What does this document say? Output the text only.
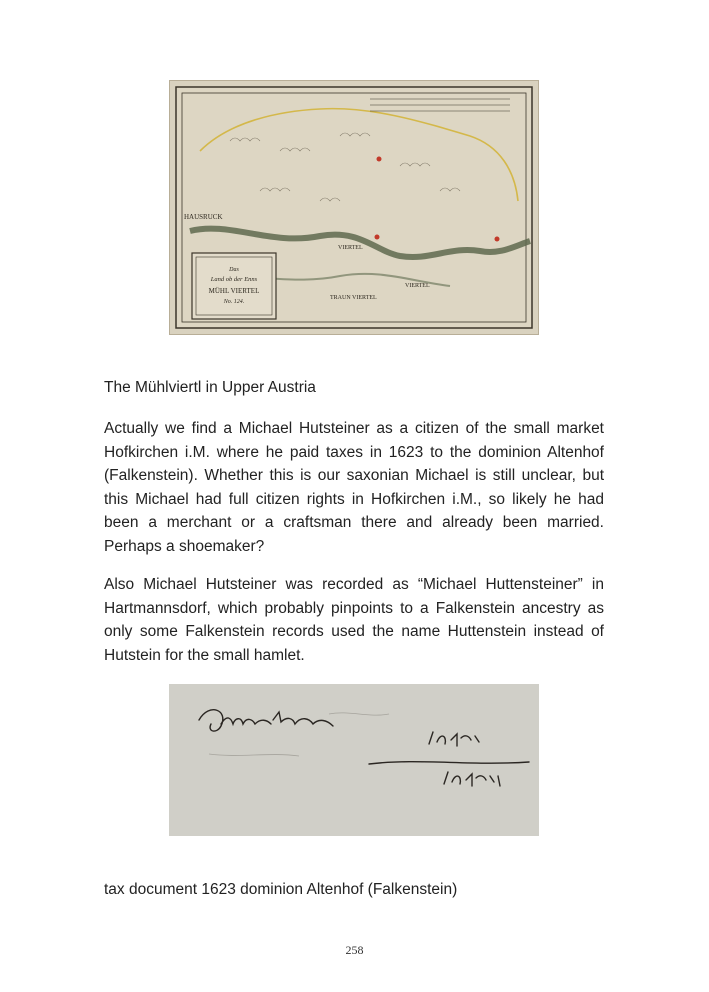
HAUSRUCK
VIERTEL
TRAUN VIERTEL
VIERTEL
Das
Land ob der Enns
MÜHL VIERTEL
No. 124.

The Mühlviertl in Upper Austria

Actually we find a Michael Hutsteiner as a citizen of the small market Hofkirchen i.M. where he paid taxes in 1623 to the dominion Altenhof (Falkenstein). Whether this is our saxonian Michael is still unclear, but this Michael had full citizen rights in Hofkirchen i.M., so likely he had been a merchant or a craftsman there and already been married. Perhaps a shoemaker?

Also Michael Hutsteiner was recorded as “Michael Huttensteiner” in Hartmannsdorf, which probably pinpoints to a Falkenstein ancestry as only some Falkenstein records used the name Huttenstein instead of Hutstein for the small hamlet.

tax document 1623 dominion Altenhof (Falkenstein)

258
